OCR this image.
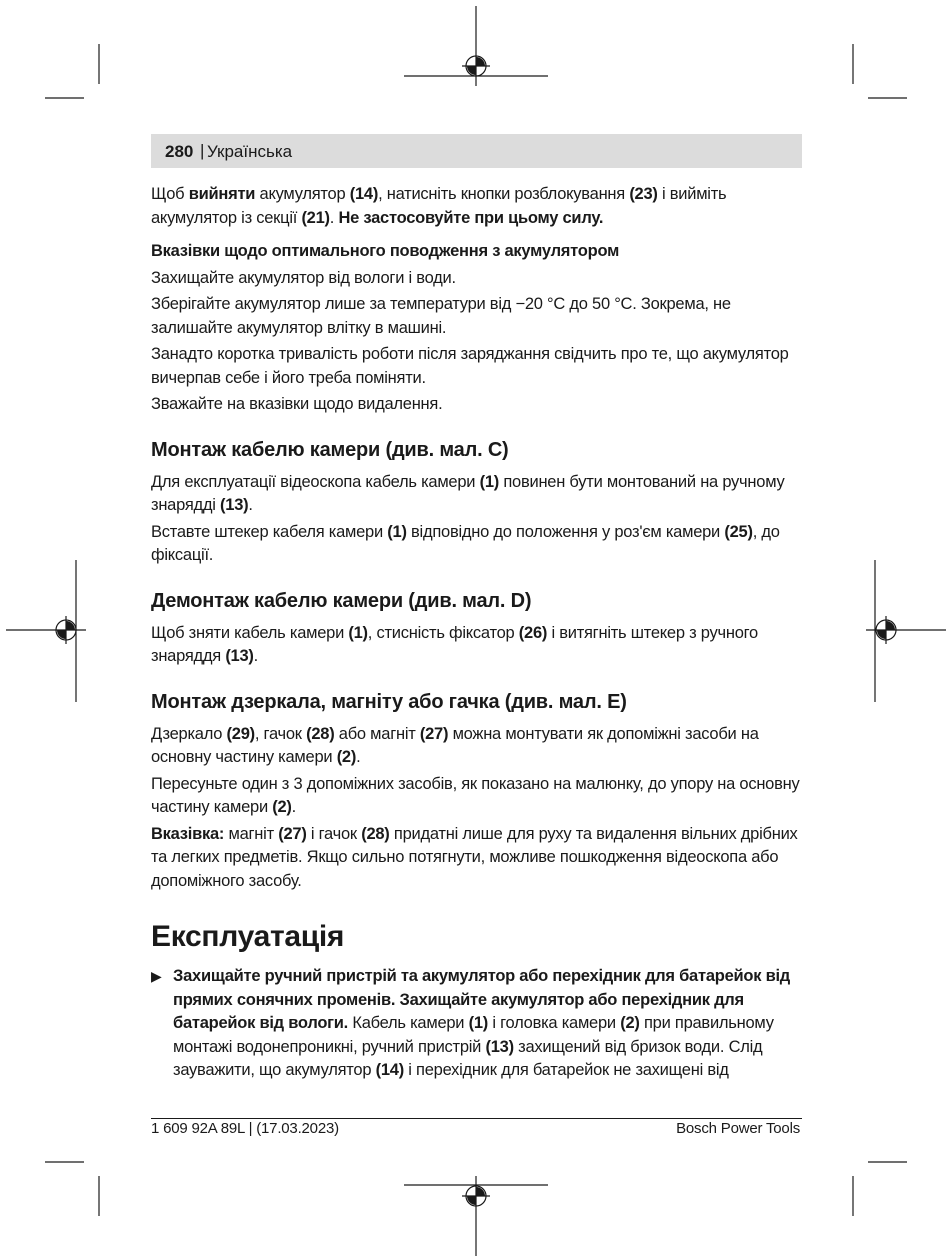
280 | Українська

Щоб вийняти акумулятор (14), натисніть кнопки розблокування (23) і вийміть акумулятор із секції (21). Не застосовуйте при цьому силу.

Вказівки щодо оптимального поводження з акумулятором

Захищайте акумулятор від вологи і води.

Зберігайте акумулятор лише за температури від −20 °C до 50 °C. Зокрема, не залишайте акумулятор влітку в машині.

Занадто коротка тривалість роботи після заряджання свідчить про те, що акумулятор вичерпав себе і його треба поміняти.

Зважайте на вказівки щодо видалення.

Монтаж кабелю камери (див. мал. C)

Для експлуатації відеоскопа кабель камери (1) повинен бути монтований на ручному знаряддi (13).

Вставте штекер кабеля камери (1) відповідно до положення у роз'єм камери (25), до фіксації.

Демонтаж кабелю камери (див. мал. D)

Щоб зняти кабель камери (1), стисність фіксатор (26) і витягніть штекер з ручного знаряддя (13).

Монтаж дзеркала, магніту або гачка (див. мал. E)

Дзеркало (29), гачок (28) або магніт (27) можна монтувати як допоміжні засоби на основну частину камери (2).

Пересуньте один з 3 допоміжних засобів, як показано на малюнку, до упору на основну частину камери (2).

Вказівка: магніт (27) і гачок (28) придатні лише для руху та видалення вільних дрібних та легких предметів. Якщо сильно потягнути, можливе пошкодження відеоскопа або допоміжного засобу.

Експлуатація

▶ Захищайте ручний пристрій та акумулятор або перехідник для батарейок від прямих сонячних променів. Захищайте акумулятор або перехідник для батарейок від вологи. Кабель камери (1) і головка камери (2) при правильному монтажі водонепроникні, ручний пристрій (13) захищений від бризок води. Слід зауважити, що акумулятор (14) і перехідник для батарейок не захищені від

1 609 92A 89L | (17.03.2023)	Bosch Power Tools
